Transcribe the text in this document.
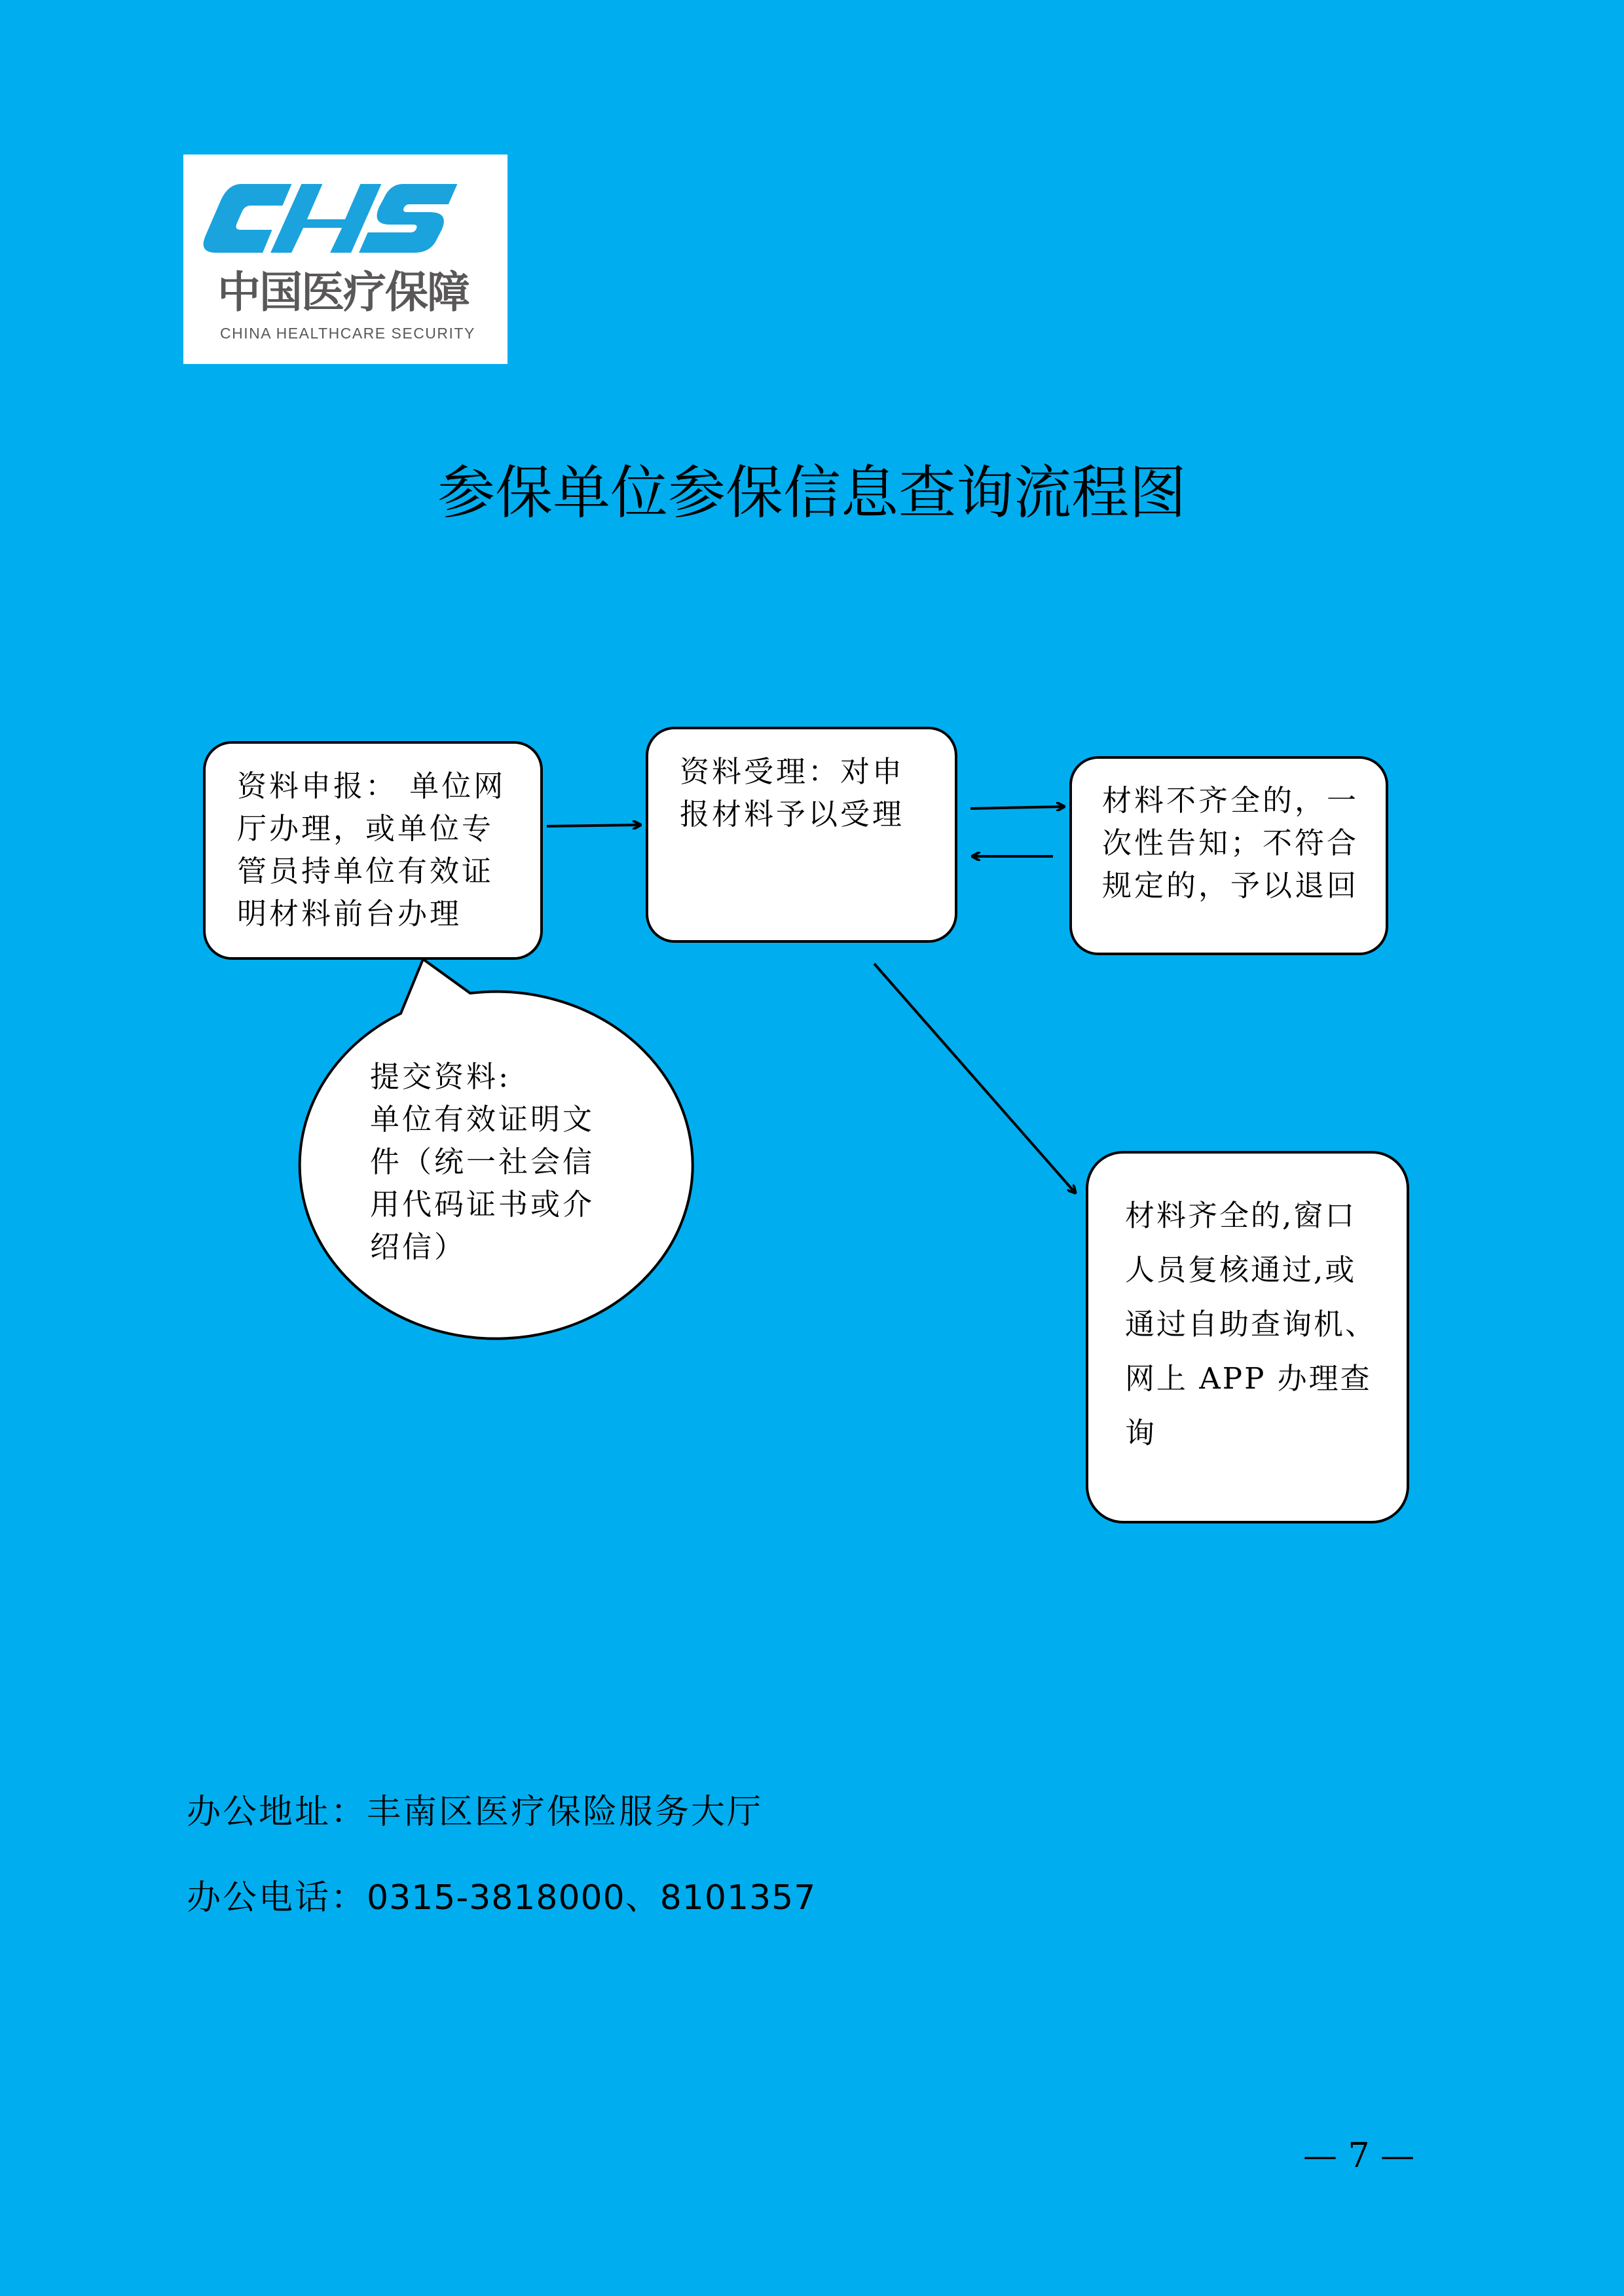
中国医疗保障
CHINA HEALTHCARE SECURITY
参保单位参保信息查询流程图
资料申报： 单位网
厅办理，或单位专
管员持单位有效证
明材料前台办理
资料受理：对申
报材料予以受理	材料不齐全的，一
次性告知；不符合
规定的，予以退回
提交资料:
单位有效证明文
件（统一社会信
用代码证书或介
绍信）
材料齐全的,窗口
人员复核通过,或
通过自助查询机、
网上 APP 办理查
询
办公地址：丰南区医疗保险服务大厅
办公电话：0315-3818000、8101357
— 7 —
